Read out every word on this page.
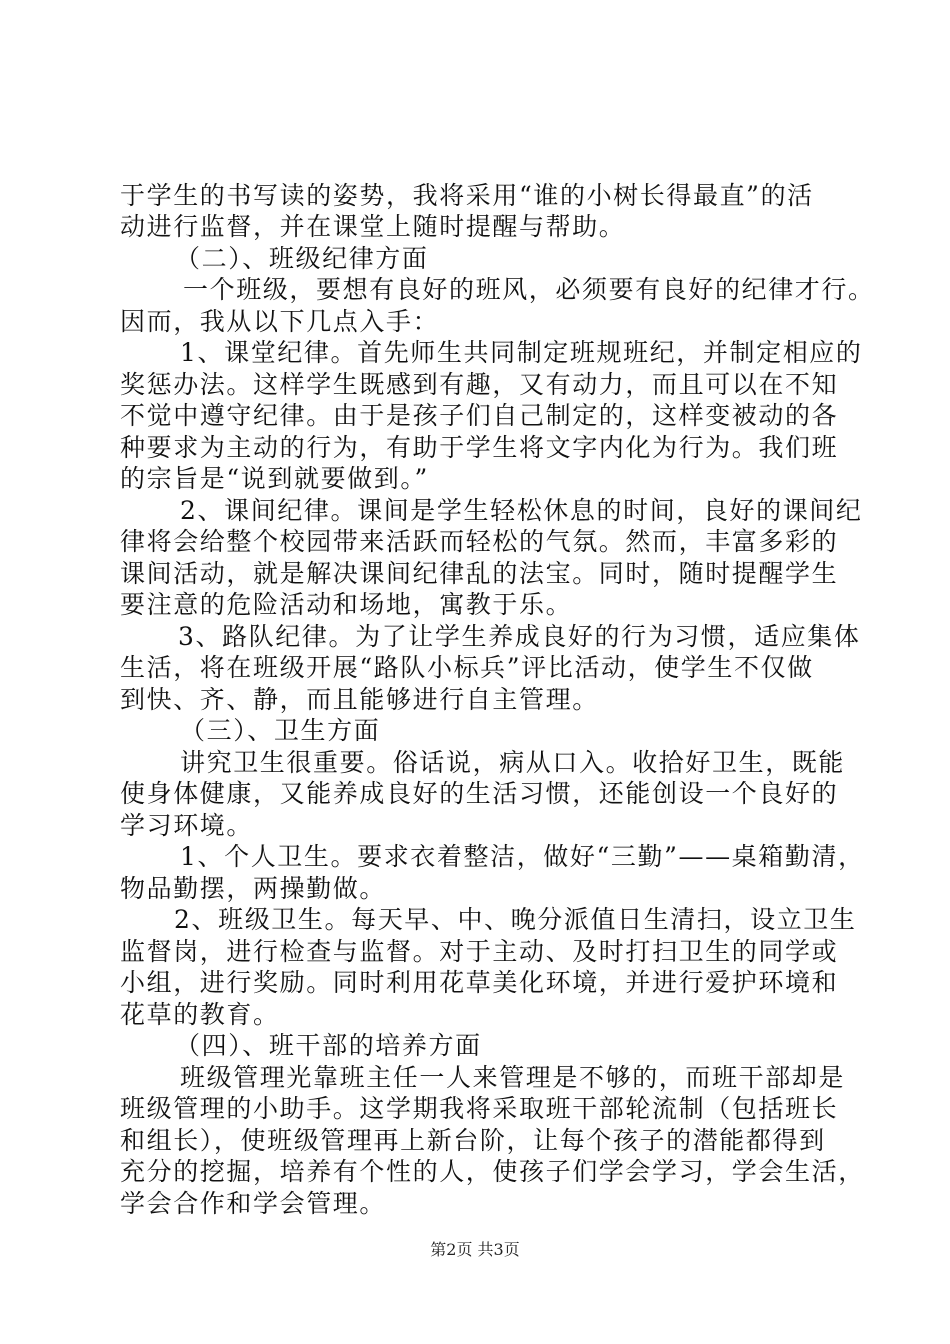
于学生的书写读的姿势，我将采用“谁的小树长得最直”的活
动进行监督，并在课堂上随时提醒与帮助。
（二）、班级纪律方面
一个班级，要想有良好的班风，必须要有良好的纪律才行。
因而，我从以下几点入手：
1、课堂纪律。首先师生共同制定班规班纪，并制定相应的
奖惩办法。这样学生既感到有趣，又有动力，而且可以在不知
不觉中遵守纪律。由于是孩子们自己制定的，这样变被动的各
种要求为主动的行为，有助于学生将文字内化为行为。我们班
的宗旨是“说到就要做到。”
2、课间纪律。课间是学生轻松休息的时间，良好的课间纪
律将会给整个校园带来活跃而轻松的气氛。然而，丰富多彩的
课间活动，就是解决课间纪律乱的法宝。同时，随时提醒学生
要注意的危险活动和场地，寓教于乐。
3、路队纪律。为了让学生养成良好的行为习惯，适应集体
生活，将在班级开展“路队小标兵”评比活动，使学生不仅做
到快、齐、静，而且能够进行自主管理。
（三）、卫生方面
讲究卫生很重要。俗话说，病从口入。收拾好卫生，既能
使身体健康，又能养成良好的生活习惯，还能创设一个良好的
学习环境。
1、个人卫生。要求衣着整洁，做好“三勤”——桌箱勤清，
物品勤摆，两操勤做。
2、班级卫生。每天早、中、晚分派值日生清扫，设立卫生
监督岗，进行检查与监督。对于主动、及时打扫卫生的同学或
小组，进行奖励。同时利用花草美化环境，并进行爱护环境和
花草的教育。
（四）、班干部的培养方面
班级管理光靠班主任一人来管理是不够的，而班干部却是
班级管理的小助手。这学期我将采取班干部轮流制（包括班长
和组长），使班级管理再上新台阶，让每个孩子的潜能都得到
充分的挖掘，培养有个性的人，使孩子们学会学习，学会生活，
学会合作和学会管理。
第2页 共3页
